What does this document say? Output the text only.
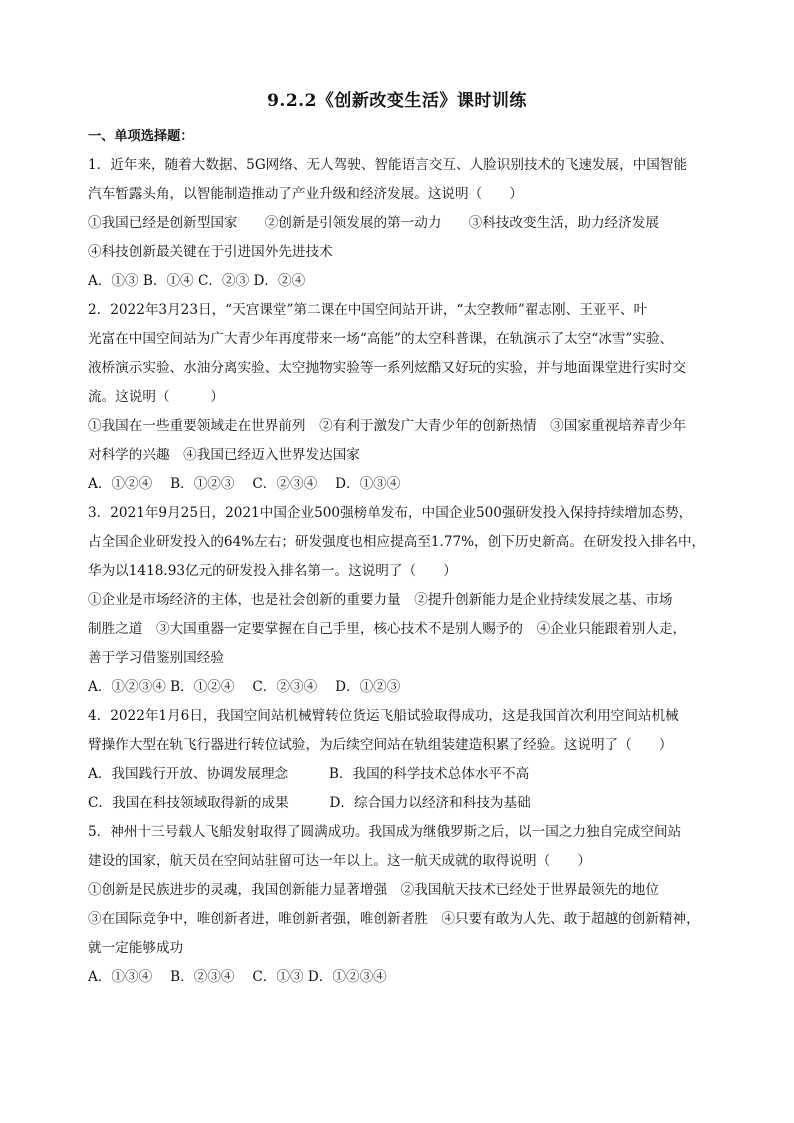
9.2.2《创新改变生活》课时训练
一、单项选择题：
1．近年来，随着大数据、5G网络、无人驾驶、智能语言交互、人脸识别技术的飞速发展，中国智能
汽车暂露头角，以智能制造推动了产业升级和经济发展。这说明（　　）
①我国已经是创新型国家　　②创新是引领发展的第一动力　　③科技改变生活，助力经济发展
④科技创新最关键在于引进国外先进技术
A．①③ B．①④ C．②③ D．②④
2．2022年3月23日，“天宫课堂”第二课在中国空间站开讲，“太空教师”翟志刚、王亚平、叶
光富在中国空间站为广大青少年再度带来一场“高能”的太空科普课，在轨演示了太空“冰雪”实验、
液桥演示实验、水油分离实验、太空抛物实验等一系列炫酷又好玩的实验，并与地面课堂进行实时交
流。这说明（　　　）
①我国在一些重要领域走在世界前列　②有利于激发广大青少年的创新热情　③国家重视培养青少年
对科学的兴趣　④我国已经迈入世界发达国家
A．①②④　 B．①②③　 C．②③④　 D．①③④
3．2021年9月25日，2021中国企业500强榜单发布，中国企业500强研发投入保持持续增加态势，
占全国企业研发投入的64%左右；研发强度也相应提高至1.77%，创下历史新高。在研发投入排名中，
华为以1418.93亿元的研发投入排名第一。这说明了（　　）
①企业是市场经济的主体，也是社会创新的重要力量　②提升创新能力是企业持续发展之基、市场
制胜之道　③大国重器一定要掌握在自己手里，核心技术不是别人赐予的　④企业只能跟着别人走，
善于学习借鉴别国经验
A．①②③④ B．①②④　 C．②③④　 D．①②③
4．2022年1月6日，我国空间站机械臂转位货运飞船试验取得成功，这是我国首次利用空间站机械
臂操作大型在轨飞行器进行转位试验，为后续空间站在轨组装建造积累了经验。这说明了（　　）
A．我国践行开放、协调发展理念　　　B．我国的科学技术总体水平不高
C．我国在科技领域取得新的成果　　　D．综合国力以经济和科技为基础
5．神州十三号载人飞船发射取得了圆满成功。我国成为继俄罗斯之后，以一国之力独自完成空间站
建设的国家，航天员在空间站驻留可达一年以上。这一航天成就的取得说明（　　）
①创新是民族进步的灵魂，我国创新能力显著增强　②我国航天技术已经处于世界最领先的地位
③在国际竞争中，唯创新者进，唯创新者强，唯创新者胜　④只要有敢为人先、敢于超越的创新精神，
就一定能够成功
A．①③④　 B．②③④　 C．①③ D．①②③④
